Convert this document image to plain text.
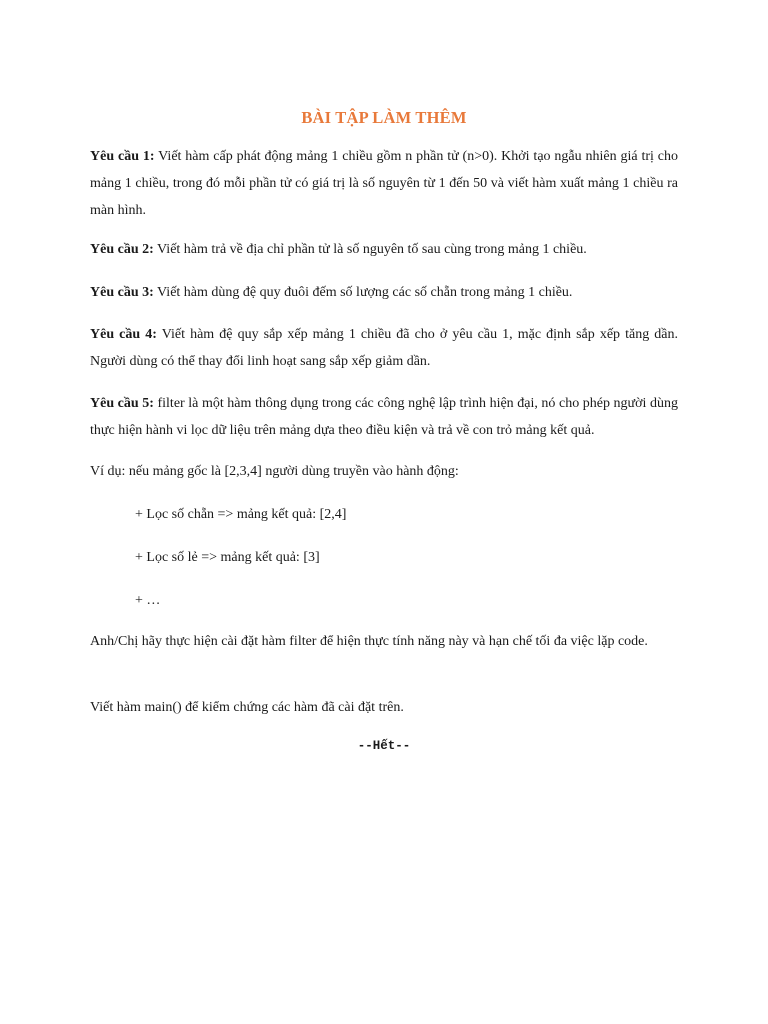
BÀI TẬP LÀM THÊM

Yêu cầu 1: Viết hàm cấp phát động mảng 1 chiều gồm n phần tử (n>0). Khởi tạo ngẫu nhiên giá trị cho mảng 1 chiều, trong đó mỗi phần tử có giá trị là số nguyên từ 1 đến 50 và viết hàm xuất mảng 1 chiều ra màn hình.

Yêu cầu 2: Viết hàm trả về địa chỉ phần tử là số nguyên tố sau cùng trong mảng 1 chiều.

Yêu cầu 3: Viết hàm dùng đệ quy đuôi đếm số lượng các số chẵn trong mảng 1 chiều.

Yêu cầu 4: Viết hàm đệ quy sắp xếp mảng 1 chiều đã cho ở yêu cầu 1, mặc định sắp xếp tăng dần. Người dùng có thể thay đổi linh hoạt sang sắp xếp giảm dần.

Yêu cầu 5: filter là một hàm thông dụng trong các công nghệ lập trình hiện đại, nó cho phép người dùng thực hiện hành vi lọc dữ liệu trên mảng dựa theo điều kiện và trả về con trỏ mảng kết quả.

Ví dụ: nếu mảng gốc là [2,3,4] người dùng truyền vào hành động:

+ Lọc số chẵn => mảng kết quả: [2,4]
+ Lọc số lẻ => mảng kết quả: [3]
+ …

Anh/Chị hãy thực hiện cài đặt hàm filter để hiện thực tính năng này và hạn chế tối đa việc lặp code.

Viết hàm main() để kiểm chứng các hàm đã cài đặt trên.

--Hết--
